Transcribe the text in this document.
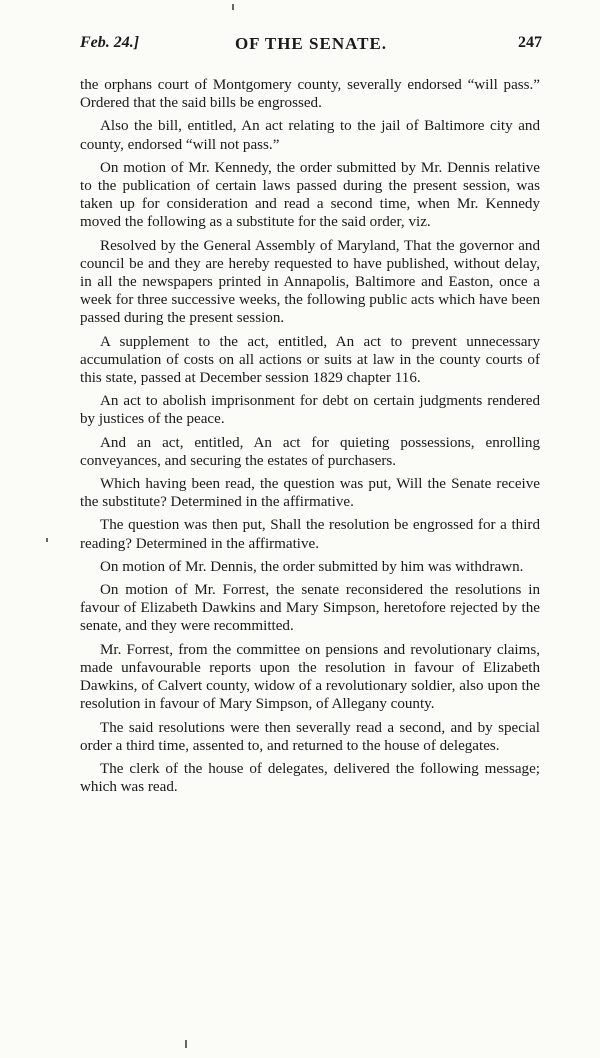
Feb. 24.]	OF THE SENATE.	247

the orphans court of Montgomery county, severally endorsed “will pass.” Ordered that the said bills be engrossed.

Also the bill, entitled, An act relating to the jail of Baltimore city and county, endorsed “will not pass.”

On motion of Mr. Kennedy, the order submitted by Mr. Dennis relative to the publication of certain laws passed during the present session, was taken up for consideration and read a second time, when Mr. Kennedy moved the following as a substitute for the said order, viz.

Resolved by the General Assembly of Maryland, That the governor and council be and they are hereby requested to have published, without delay, in all the newspapers printed in Annapolis, Baltimore and Easton, once a week for three successive weeks, the following public acts which have been passed during the present session.

A supplement to the act, entitled, An act to prevent unnecessary accumulation of costs on all actions or suits at law in the county courts of this state, passed at December session 1829 chapter 116.

An act to abolish imprisonment for debt on certain judgments rendered by justices of the peace.

And an act, entitled, An act for quieting possessions, enrolling conveyances, and securing the estates of purchasers.

Which having been read, the question was put, Will the Senate receive the substitute? Determined in the affirmative.

The question was then put, Shall the resolution be engrossed for a third reading? Determined in the affirmative.

On motion of Mr. Dennis, the order submitted by him was withdrawn.

On motion of Mr. Forrest, the senate reconsidered the resolutions in favour of Elizabeth Dawkins and Mary Simpson, heretofore rejected by the senate, and they were recommitted.

Mr. Forrest, from the committee on pensions and revolutionary claims, made unfavourable reports upon the resolution in favour of Elizabeth Dawkins, of Calvert county, widow of a revolutionary soldier, also upon the resolution in favour of Mary Simpson, of Allegany county.

The said resolutions were then severally read a second, and by special order a third time, assented to, and returned to the house of delegates.

The clerk of the house of delegates, delivered the following message; which was read.
